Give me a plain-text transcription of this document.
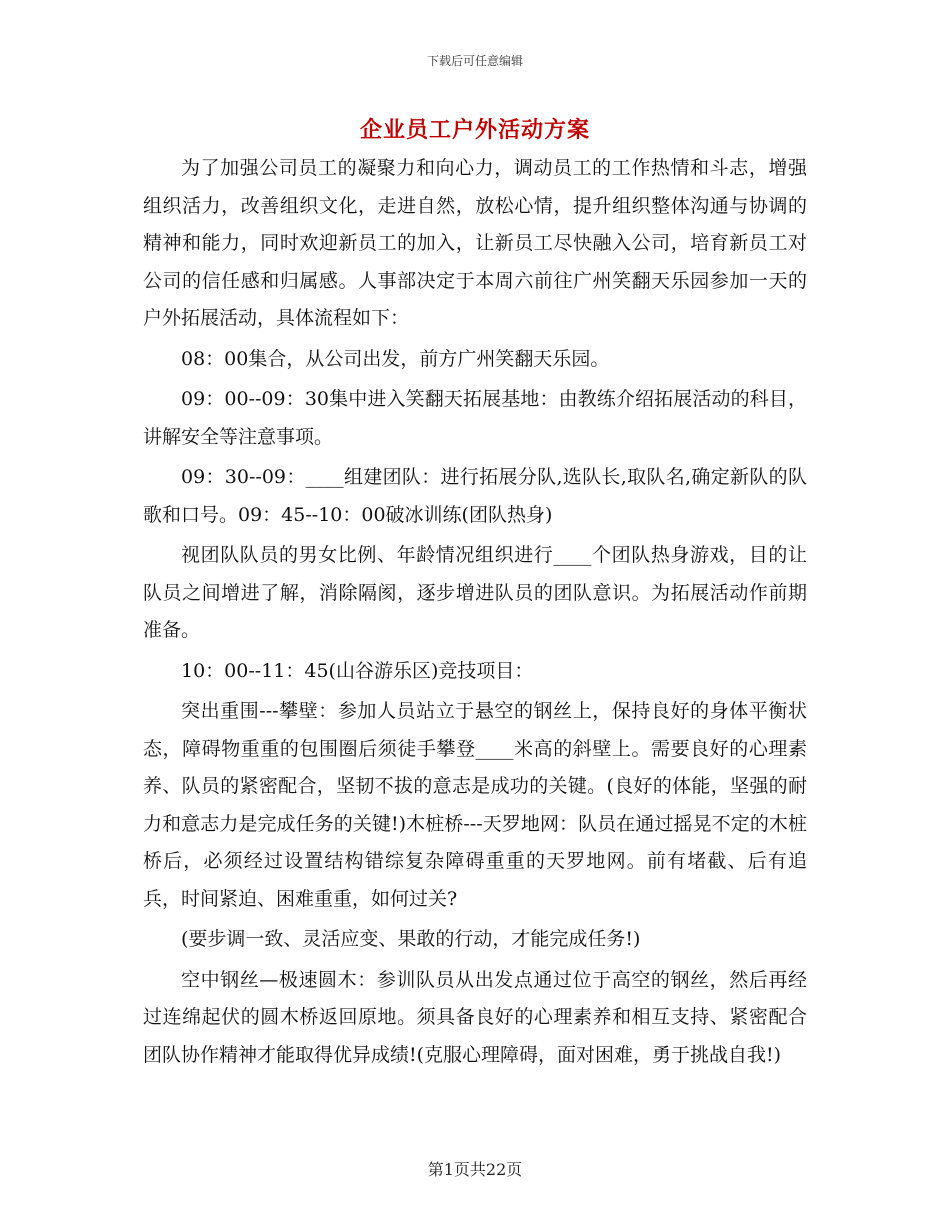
下载后可任意编辑
企业员工户外活动方案

为了加强公司员工的凝聚力和向心力，调动员工的工作热情和斗志，增强组织活力，改善组织文化，走进自然，放松心情，提升组织整体沟通与协调的精神和能力，同时欢迎新员工的加入，让新员工尽快融入公司，培育新员工对公司的信任感和归属感。人事部决定于本周六前往广州笑翻天乐园参加一天的户外拓展活动，具体流程如下：

08：00集合，从公司出发，前方广州笑翻天乐园。

09：00--09：30集中进入笑翻天拓展基地：由教练介绍拓展活动的科目，讲解安全等注意事项。

09：30--09：____组建团队：进行拓展分队,选队长,取队名,确定新队的队歌和口号。09：45--10：00破冰训练(团队热身)

视团队队员的男女比例、年龄情况组织进行____个团队热身游戏，目的让队员之间增进了解，消除隔阂，逐步增进队员的团队意识。为拓展活动作前期准备。

10：00--11：45(山谷游乐区)竞技项目：

突出重围---攀壁：参加人员站立于悬空的钢丝上，保持良好的身体平衡状态，障碍物重重的包围圈后须徒手攀登____米高的斜壁上。需要良好的心理素养、队员的紧密配合，坚韧不拔的意志是成功的关键。(良好的体能，坚强的耐力和意志力是完成任务的关键!)木桩桥---天罗地网：队员在通过摇晃不定的木桩桥后，必须经过设置结构错综复杂障碍重重的天罗地网。前有堵截、后有追兵，时间紧迫、困难重重，如何过关?

(要步调一致、灵活应变、果敢的行动，才能完成任务!)

空中钢丝—极速圆木：参训队员从出发点通过位于高空的钢丝，然后再经过连绵起伏的圆木桥返回原地。须具备良好的心理素养和相互支持、紧密配合团队协作精神才能取得优异成绩!(克服心理障碍，面对困难，勇于挑战自我!)

第1页共22页
